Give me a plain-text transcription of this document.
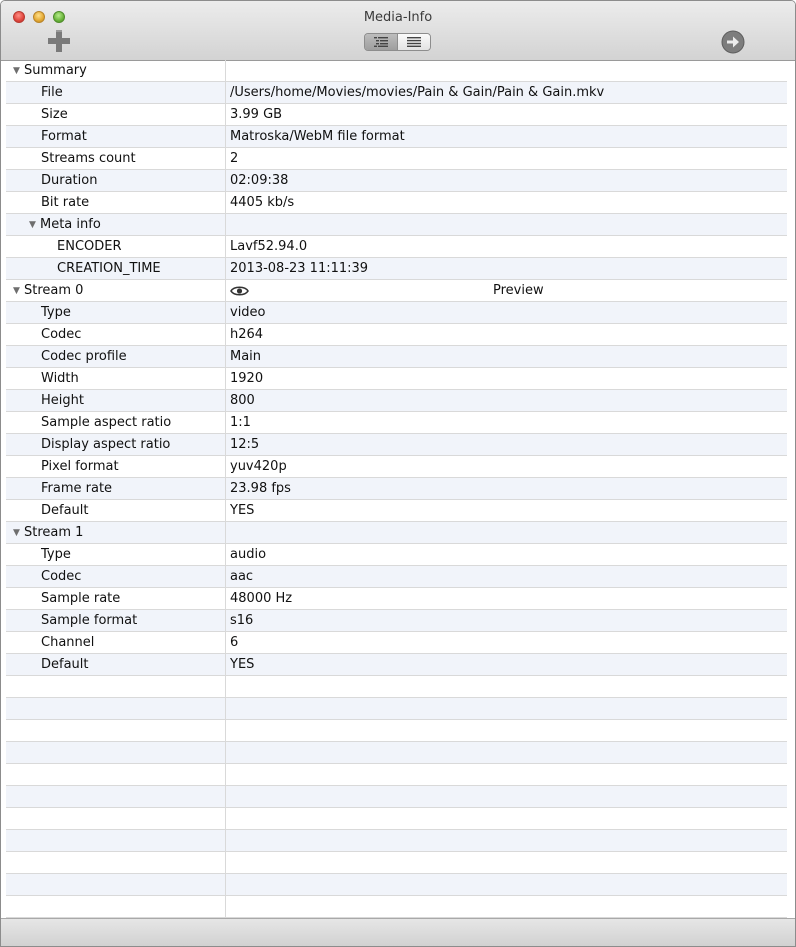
Media-Info
▼ Summary
File	/Users/home/Movies/movies/Pain & Gain/Pain & Gain.mkv
Size	3.99 GB
Format	Matroska/WebM file format
Streams count	2
Duration	02:09:38
Bit rate	4405 kb/s
▼ Meta info
ENCODER	Lavf52.94.0
CREATION_TIME	2013-08-23 11:11:39
▼ Stream 0	Preview
Type	video
Codec	h264
Codec profile	Main
Width	1920
Height	800
Sample aspect ratio	1:1
Display aspect ratio	12:5
Pixel format	yuv420p
Frame rate	23.98 fps
Default	YES
▼ Stream 1
Type	audio
Codec	aac
Sample rate	48000 Hz
Sample format	s16
Channel	6
Default	YES
